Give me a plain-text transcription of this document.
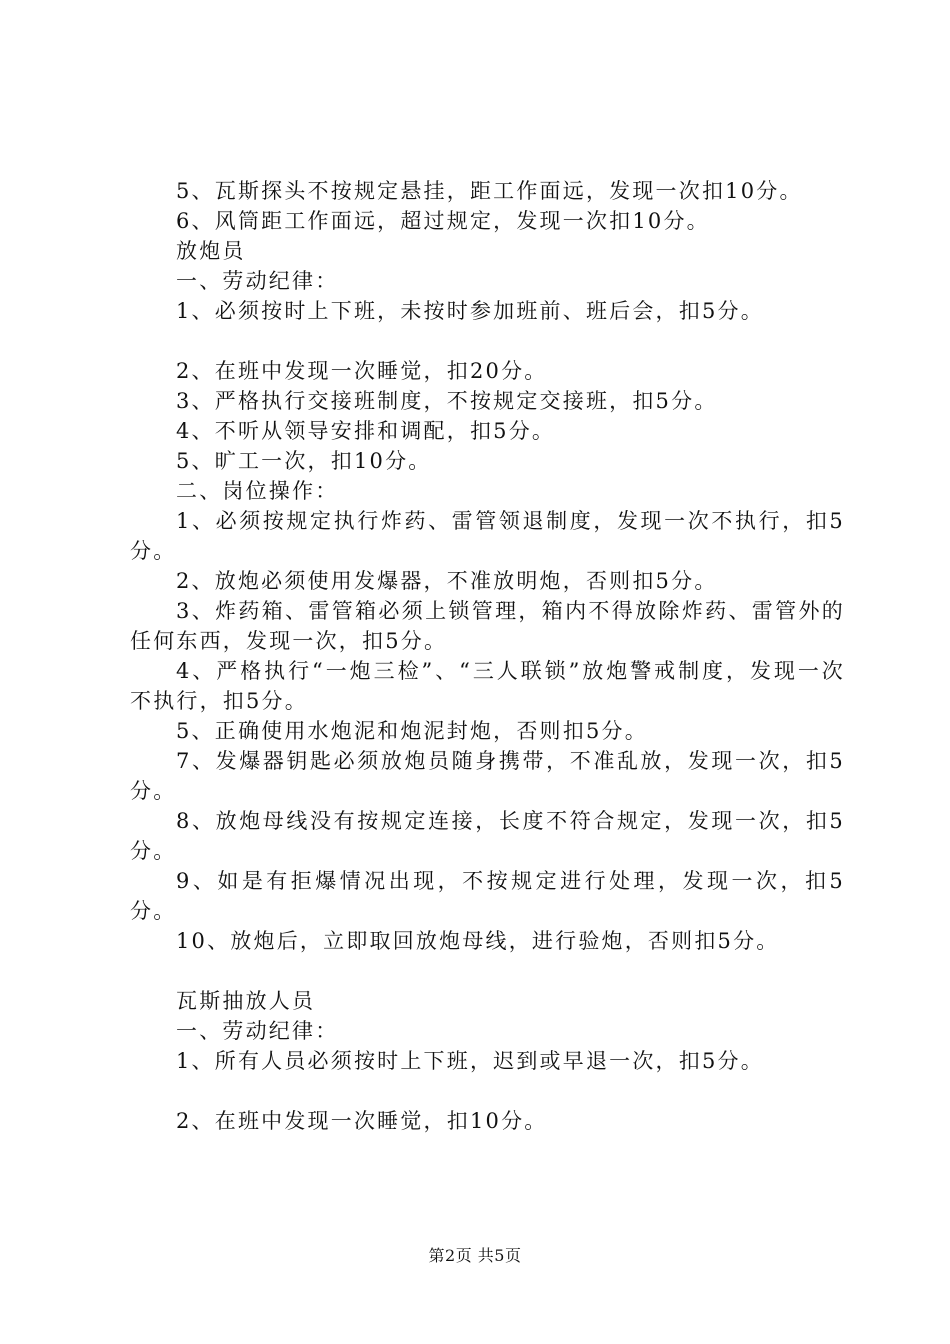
5、瓦斯探头不按规定悬挂，距工作面远，发现一次扣10分。

6、风筒距工作面远，超过规定，发现一次扣10分。

放炮员

一、劳动纪律：

1、必须按时上下班，未按时参加班前、班后会，扣5分。

2、在班中发现一次睡觉，扣20分。

3、严格执行交接班制度，不按规定交接班，扣5分。

4、不听从领导安排和调配，扣5分。

5、旷工一次，扣10分。

二、岗位操作：

1、必须按规定执行炸药、雷管领退制度，发现一次不执行，扣5分。

2、放炮必须使用发爆器，不准放明炮，否则扣5分。

3、炸药箱、雷管箱必须上锁管理，箱内不得放除炸药、雷管外的任何东西，发现一次，扣5分。

4、严格执行“一炮三检”、“三人联锁”放炮警戒制度，发现一次不执行，扣5分。

5、正确使用水炮泥和炮泥封炮，否则扣5分。

7、发爆器钥匙必须放炮员随身携带，不准乱放，发现一次，扣5分。

8、放炮母线没有按规定连接，长度不符合规定，发现一次，扣5分。

9、如是有拒爆情况出现，不按规定进行处理，发现一次，扣5分。

10、放炮后，立即取回放炮母线，进行验炮，否则扣5分。

瓦斯抽放人员

一、劳动纪律：

1、所有人员必须按时上下班，迟到或早退一次，扣5分。

2、在班中发现一次睡觉，扣10分。

第2页 共5页
